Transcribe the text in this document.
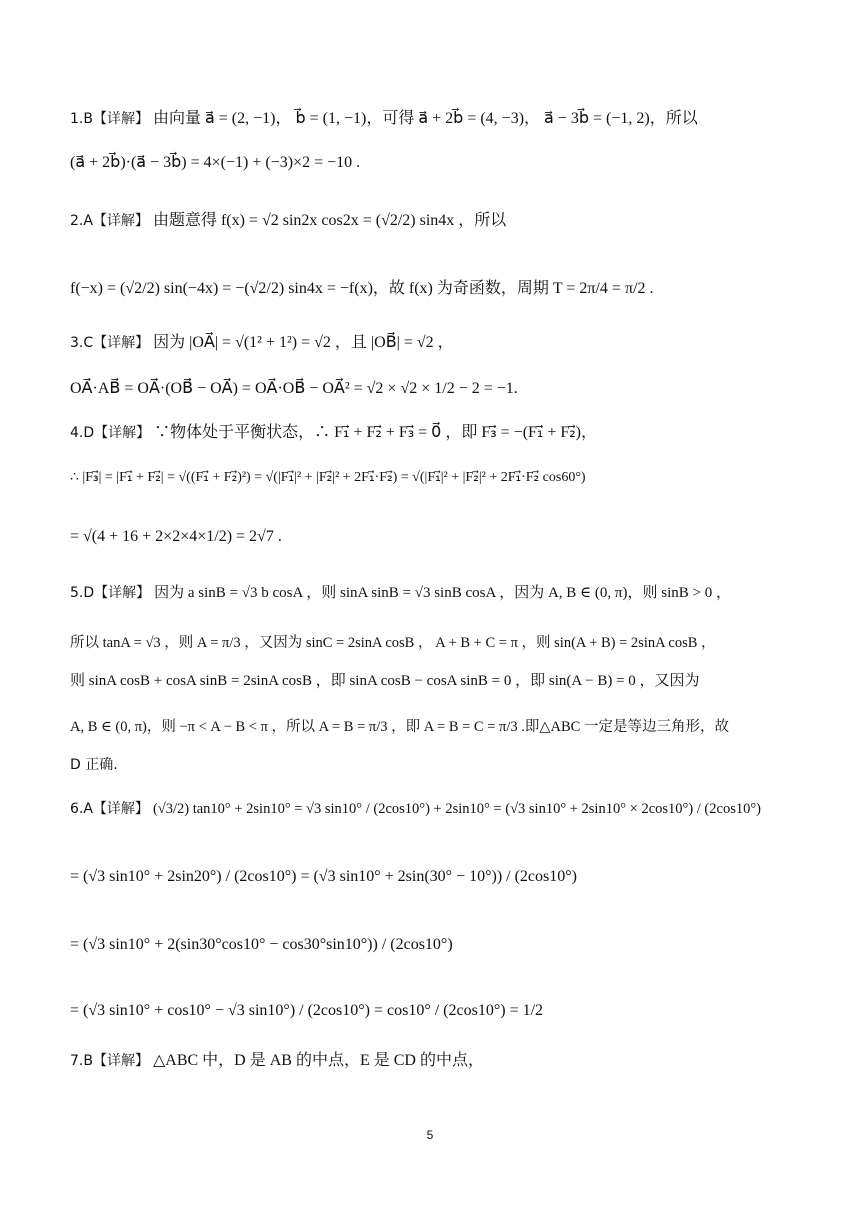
1.B【详解】 由向量 a⃗ = (2, −1)， b⃗ = (1, −1)，可得 a⃗ + 2b⃗ = (4, −3)， a⃗ − 3b⃗ = (−1, 2)，所以
(a⃗ + 2b⃗)·(a⃗ − 3b⃗) = 4×(−1) + (−3)×2 = −10 .
2.A【详解】 由题意得 f(x) = √2 sin2x cos2x = (√2/2) sin4x ，所以
f(−x) = (√2/2) sin(−4x) = −(√2/2) sin4x = −f(x)，故 f(x) 为奇函数，周期 T = 2π/4 = π/2 .
3.C【详解】 因为 |OA⃗| = √(1² + 1²) = √2 ，且 |OB⃗| = √2 ，
OA⃗·AB⃗ = OA⃗·(OB⃗ − OA⃗) = OA⃗·OB⃗ − OA⃗² = √2 × √2 × 1/2 − 2 = −1.
4.D【详解】 ∵物体处于平衡状态，∴ F₁⃗ + F₂⃗ + F₃⃗ = 0⃗ ，即 F₃⃗ = −(F₁⃗ + F₂⃗)，
∴ |F₃⃗| = |F₁⃗ + F₂⃗| = √((F₁⃗ + F₂⃗)²) = √(|F₁⃗|² + |F₂⃗|² + 2F₁⃗·F₂⃗) = √(|F₁⃗|² + |F₂⃗|² + 2F₁⃗·F₂⃗ cos60°)
= √(4 + 16 + 2×2×4×1/2) = 2√7 .
5.D【详解】 因为 a sinB = √3 b cosA ，则 sinA sinB = √3 sinB cosA ，因为 A, B ∈ (0, π)，则 sinB > 0 ，
所以 tanA = √3 ，则 A = π/3 ，又因为 sinC = 2sinA cosB ， A + B + C = π ，则 sin(A + B) = 2sinA cosB ，
则 sinA cosB + cosA sinB = 2sinA cosB ，即 sinA cosB − cosA sinB = 0 ，即 sin(A − B) = 0 ，又因为
A, B ∈ (0, π)，则 −π < A − B < π ，所以 A = B = π/3 ，即 A = B = C = π/3 .即△ABC 一定是等边三角形，故
D 正确.
6.A【详解】 (√3/2) tan10° + 2sin10° = √3 sin10° / (2cos10°) + 2sin10° = (√3 sin10° + 2sin10° × 2cos10°) / (2cos10°)
= (√3 sin10° + 2sin20°) / (2cos10°) = (√3 sin10° + 2sin(30° − 10°)) / (2cos10°)
= (√3 sin10° + 2(sin30°cos10° − cos30°sin10°)) / (2cos10°)
= (√3 sin10° + cos10° − √3 sin10°) / (2cos10°) = cos10° / (2cos10°) = 1/2
7.B【详解】 △ABC 中，D 是 AB 的中点，E 是 CD 的中点，
5
